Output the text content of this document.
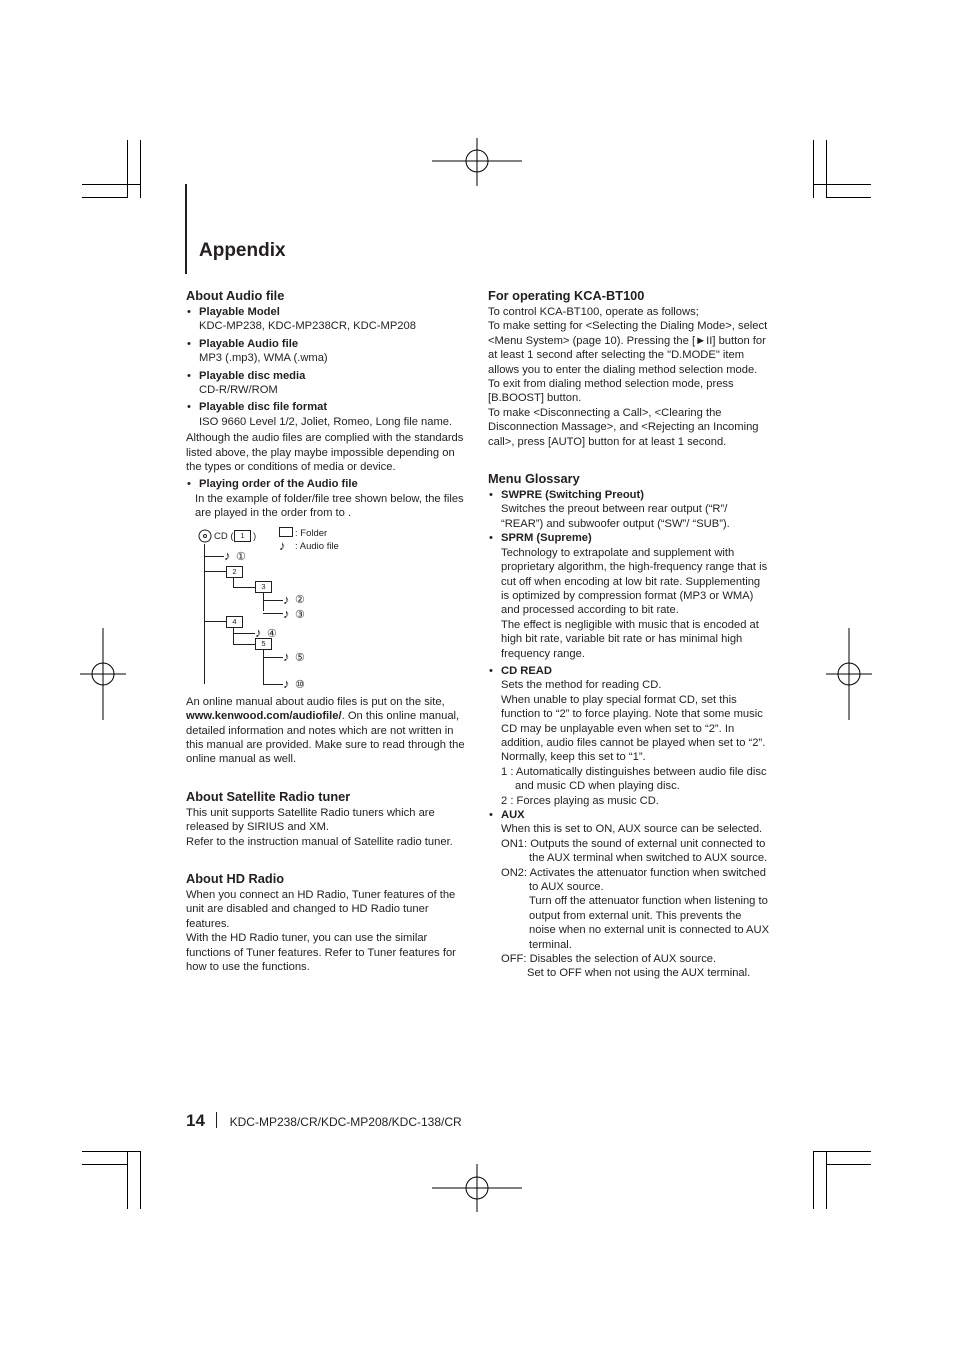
Appendix
About Audio file
• Playable Model

KDC-MP238, KDC-MP238CR, KDC-MP208

• Playable Audio file

MP3 (.mp3), WMA (.wma)

• Playable disc media

CD-R/RW/ROM

• Playable disc file format

ISO 9660 Level 1/2, Joliet, Romeo, Long file name.

Although the audio files are complied with the standards listed above, the play maybe impossible depending on the types or conditions of media or device.

• Playing order of the Audio file

In the example of folder/file tree shown below, the files are played in the order from to .

CD ( 1 )	: Folder
♪ : Audio file
♪ ①
2
3
♪ ②
♪ ③
4
♪ ④
5
♪ ⑤
♪ ⑩

An online manual about audio files is put on the site, www.kenwood.com/audiofile/. On this online manual, detailed information and notes which are not written in this manual are provided. Make sure to read through the online manual as well.

About Satellite Radio tuner

This unit supports Satellite Radio tuners which are released by SIRIUS and XM.

Refer to the instruction manual of Satellite radio tuner.

About HD Radio

When you connect an HD Radio, Tuner features of the unit are disabled and changed to HD Radio tuner features.

With the HD Radio tuner, you can use the similar functions of Tuner features. Refer to Tuner features for how to use the functions.

For operating KCA-BT100

To control KCA-BT100, operate as follows;

To make setting for <Selecting the Dialing Mode>, select <Menu System> (page 10). Pressing the [►II] button for at least 1 second after selecting the "D.MODE" item allows you to enter the dialing method selection mode. To exit from dialing method selection mode, press [B.BOOST] button.

To make <Disconnecting a Call>, <Clearing the Disconnection Massage>, and <Rejecting an Incoming call>, press [AUTO] button for at least 1 second.

Menu Glossary
• SWPRE (Switching Preout)

Switches the preout between rear output (“R”/ “REAR”) and subwoofer output (“SW”/ “SUB”).

• SPRM (Supreme)

Technology to extrapolate and supplement with proprietary algorithm, the high-frequency range that is cut off when encoding at low bit rate. Supplementing is optimized by compression format (MP3 or WMA) and processed according to bit rate.

The effect is negligible with music that is encoded at high bit rate, variable bit rate or has minimal high frequency range.

• CD READ

Sets the method for reading CD.

When unable to play special format CD, set this function to “2” to force playing. Note that some music CD may be unplayable even when set to “2”. In addition, audio files cannot be played when set to “2”. Normally, keep this set to “1”.

1 : Automatically distinguishes between audio file disc and music CD when playing disc.

2 : Forces playing as music CD.

• AUX

When this is set to ON, AUX source can be selected.

ON1: Outputs the sound of external unit connected to the AUX terminal when switched to AUX source.

ON2: Activates the attenuator function when switched to AUX source.

Turn off the attenuator function when listening to output from external unit. This prevents the noise when no external unit is connected to AUX terminal.

OFF: Disables the selection of AUX source.

Set to OFF when not using the AUX terminal.

14 KDC-MP238/CR/KDC-MP208/KDC-138/CR
